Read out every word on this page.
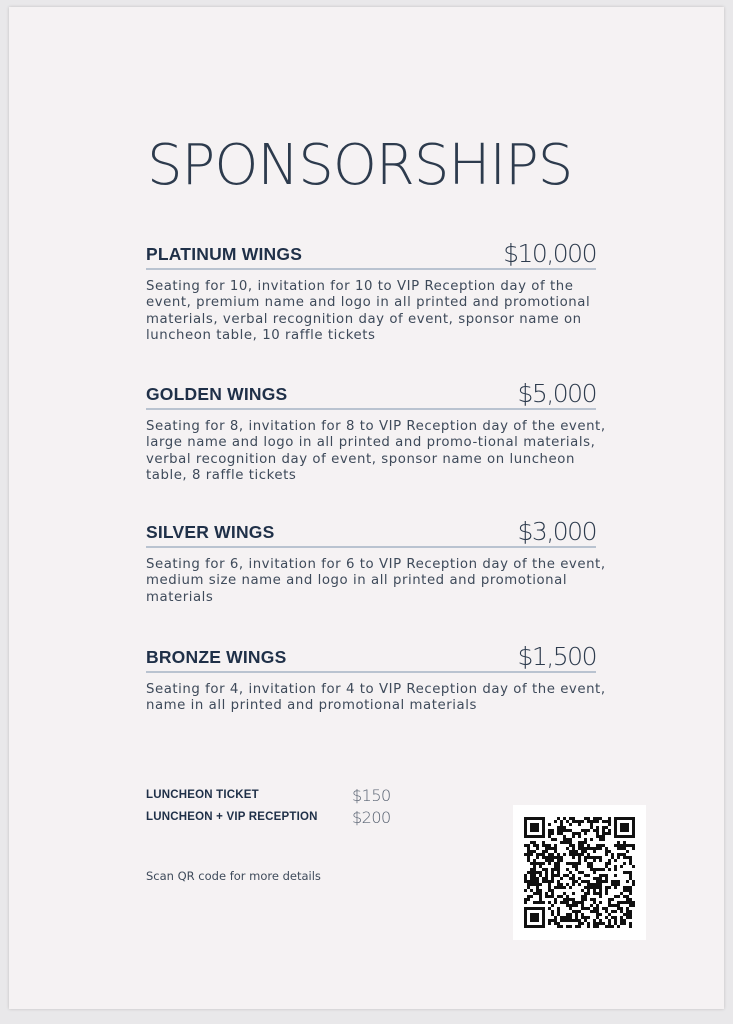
SPONSORSHIPS
PLATINUM WINGS	$10,000
Seating for 10, invitation for 10 to VIP Reception day of the event, premium name and logo in all printed and promotional materials, verbal recognition day of event, sponsor name on luncheon table, 10 raffle tickets
GOLDEN WINGS	$5,000
Seating for 8, invitation for 8 to VIP Reception day of the event, large name and logo in all printed and promo-tional materials, verbal recognition day of event, sponsor name on luncheon table, 8 raffle tickets
SILVER WINGS	$3,000
Seating for 6, invitation for 6 to VIP Reception day of the event, medium size name and logo in all printed and promotional materials
BRONZE WINGS	$1,500
Seating for 4, invitation for 4 to VIP Reception day of the event, name in all printed and promotional materials
LUNCHEON TICKET	$150
LUNCHEON + VIP RECEPTION $200
Scan QR code for more details
